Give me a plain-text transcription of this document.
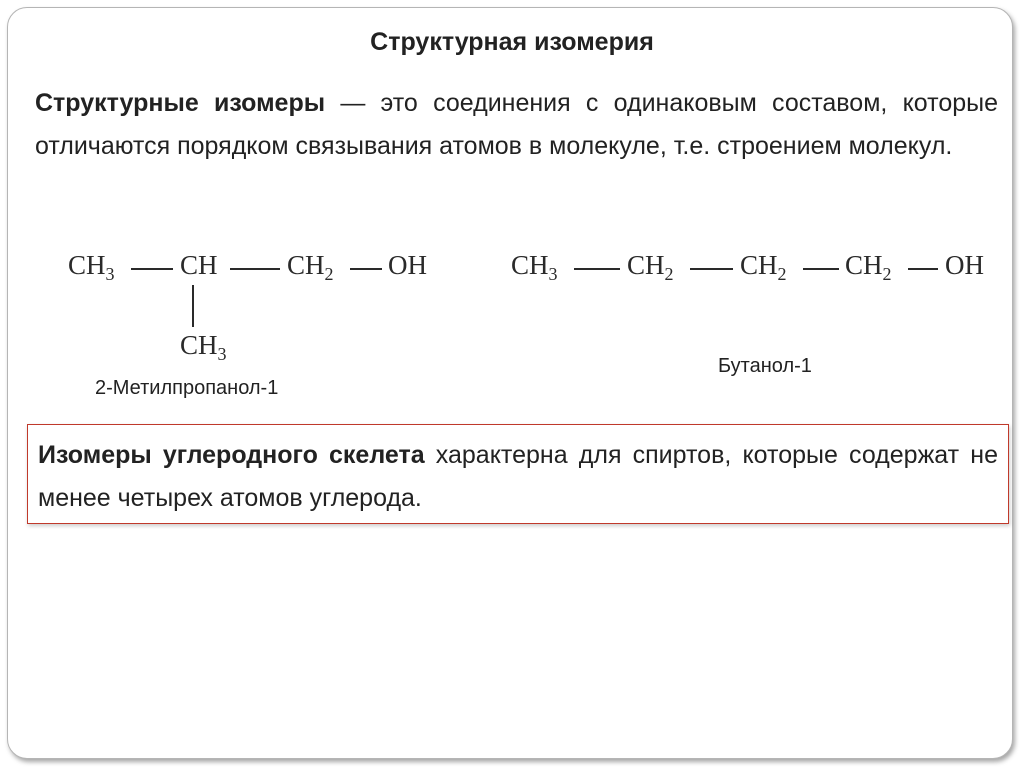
Структурная изомерия
Структурные изомеры — это соединения с одинаковым составом, которые отличаются порядком связывания атомов в молекуле, т.е. строением молекул.
$CH_3$ CH	$CH_2$ OH
$CH_3$
2-Метилпропанол-1
$CH_3$	$CH_2$ $CH_2$ $CH_2$ OH
Бутанол-1
Изомеры углеродного скелета характерна для спиртов, которые содержат не менее четырех атомов углерода.
